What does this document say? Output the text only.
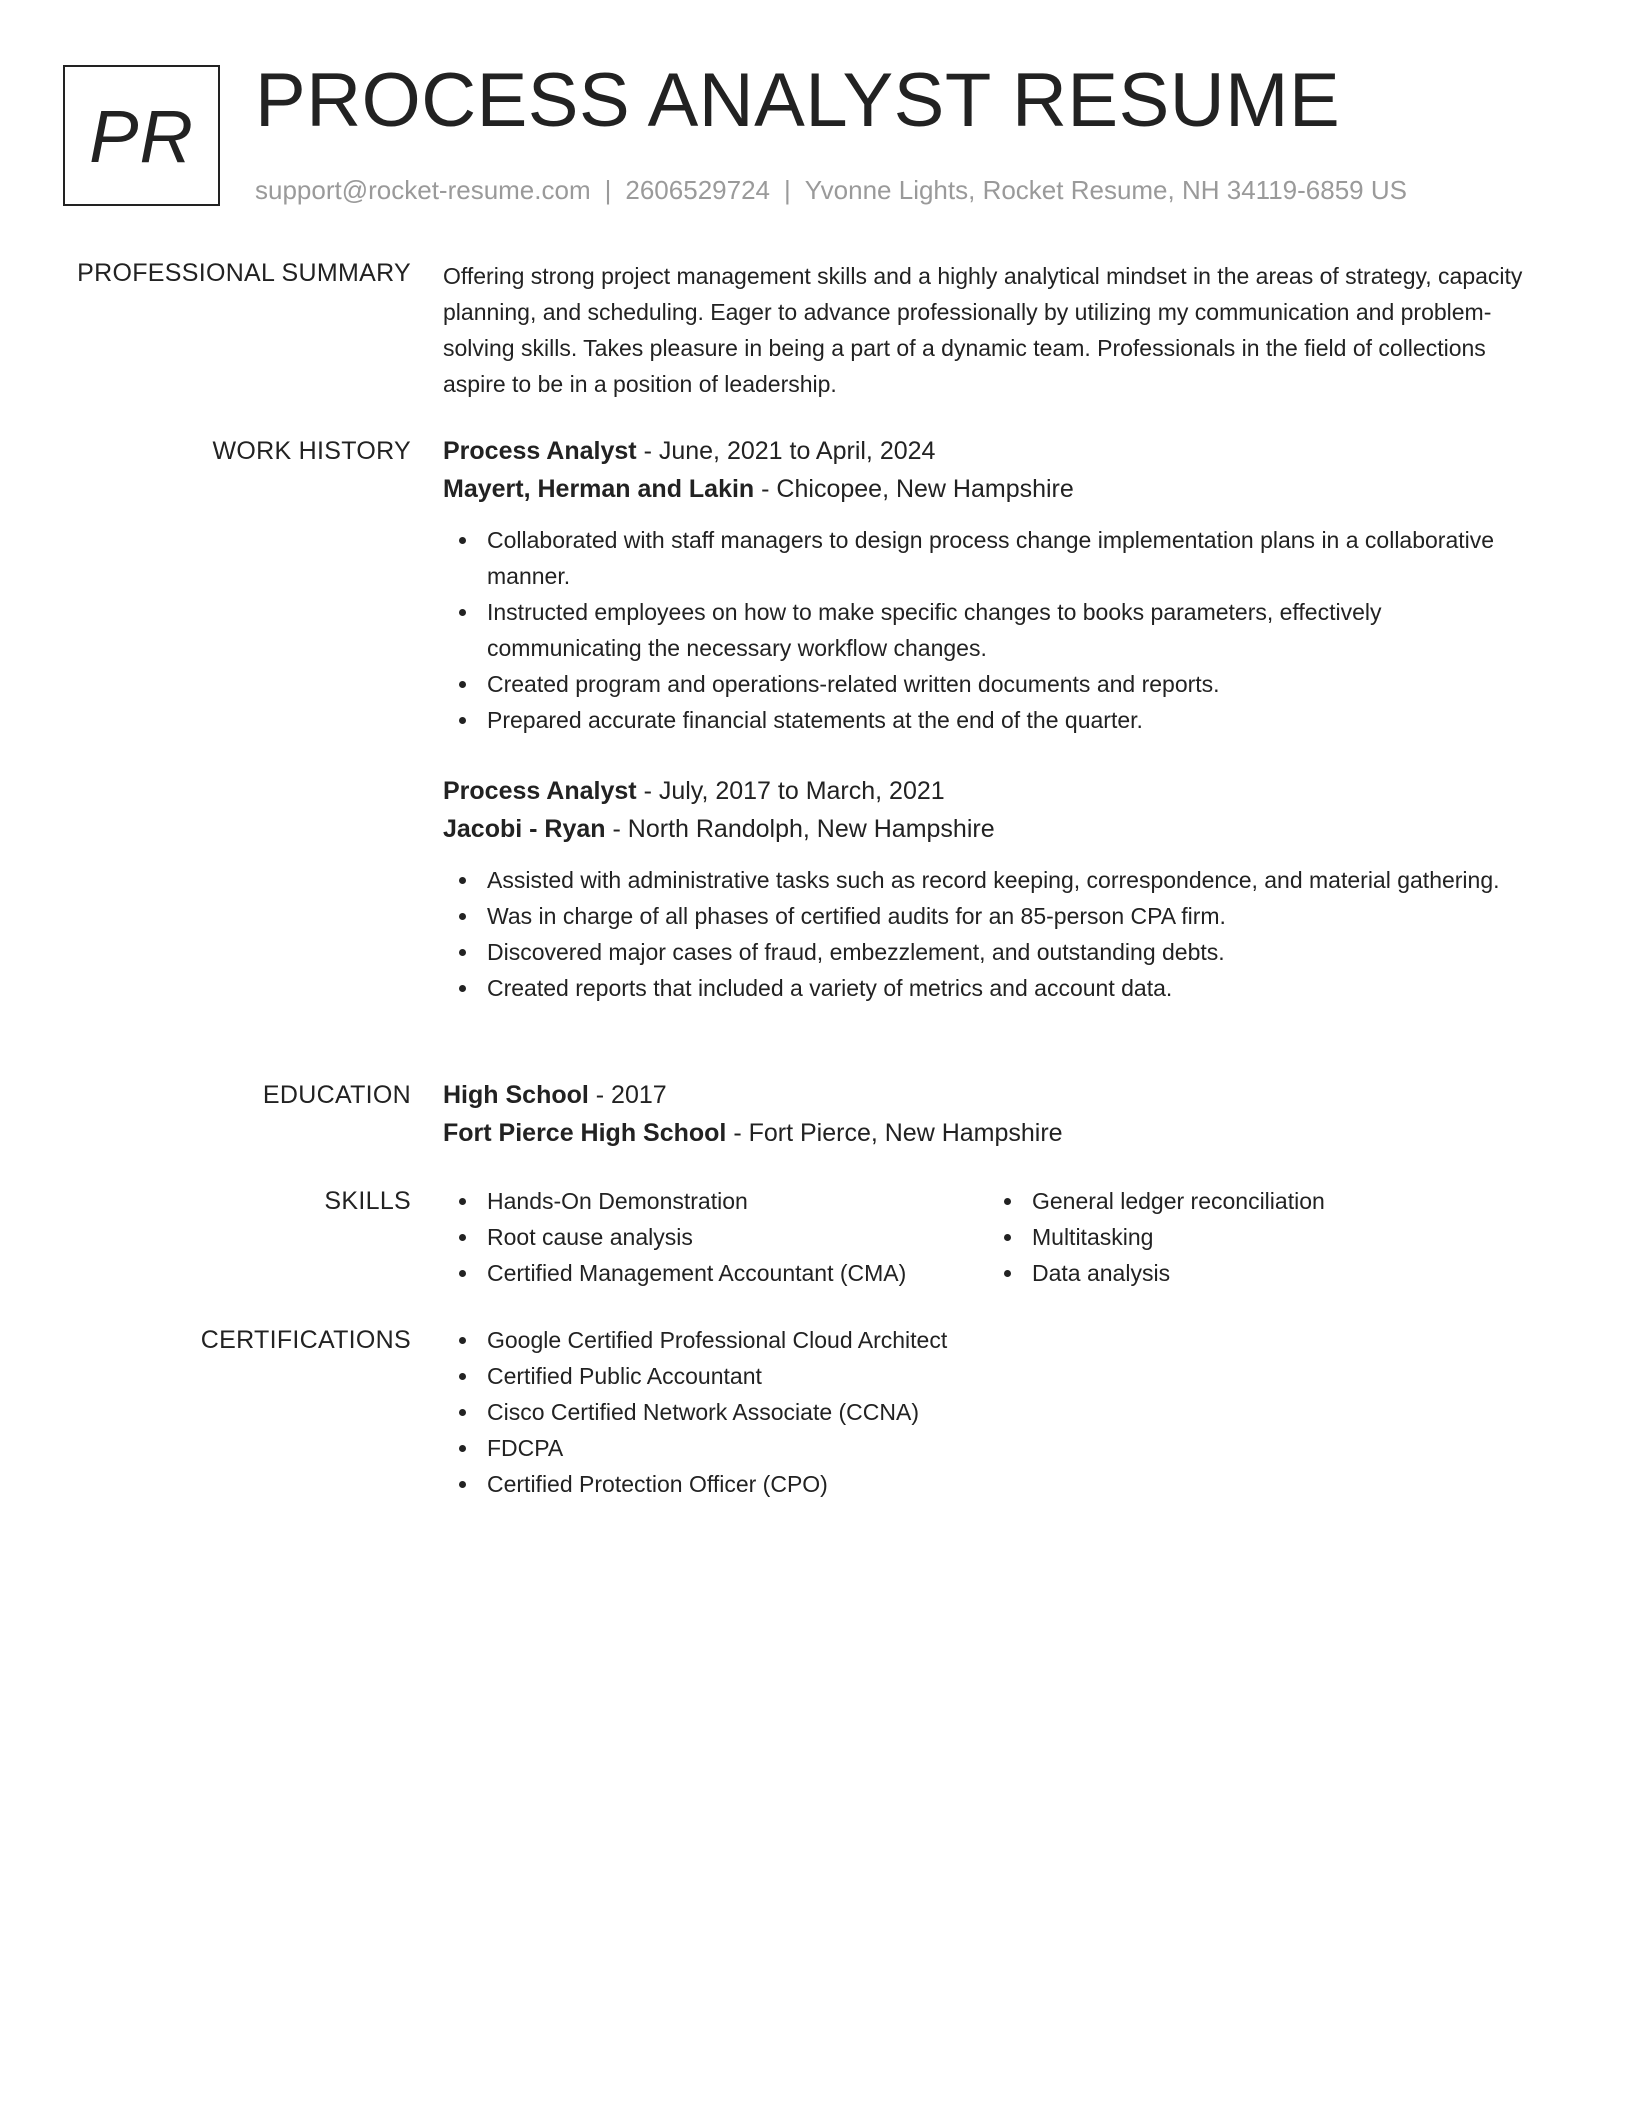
PR PROCESS ANALYST RESUME
support@rocket-resume.com | 2606529724 | Yvonne Lights, Rocket Resume, NH 34119-6859 US
PROFESSIONAL SUMMARY Offering strong project management skills and a highly analytical mindset in the areas of strategy, capacity planning, and scheduling. Eager to advance professionally by utilizing my communication and problem-solving skills. Takes pleasure in being a part of a dynamic team. Professionals in the field of collections aspire to be in a position of leadership.
WORK HISTORY Process Analyst - June, 2021 to April, 2024
Mayert, Herman and Lakin - Chicopee, New Hampshire
Collaborated with staff managers to design process change implementation plans in a collaborative manner.
Instructed employees on how to make specific changes to books parameters, effectively communicating the necessary workflow changes.
Created program and operations-related written documents and reports.
Prepared accurate financial statements at the end of the quarter.
Process Analyst - July, 2017 to March, 2021
Jacobi - Ryan - North Randolph, New Hampshire
Assisted with administrative tasks such as record keeping, correspondence, and material gathering.
Was in charge of all phases of certified audits for an 85-person CPA firm.
Discovered major cases of fraud, embezzlement, and outstanding debts.
Created reports that included a variety of metrics and account data.
EDUCATION High School - 2017
Fort Pierce High School - Fort Pierce, New Hampshire
SKILLS	Hands-On Demonstration
Root cause analysis
Certified Management Accountant (CMA)
General ledger reconciliation
Multitasking
Data analysis
CERTIFICATIONS	Google Certified Professional Cloud Architect
Certified Public Accountant
Cisco Certified Network Associate (CCNA)
FDCPA
Certified Protection Officer (CPO)
